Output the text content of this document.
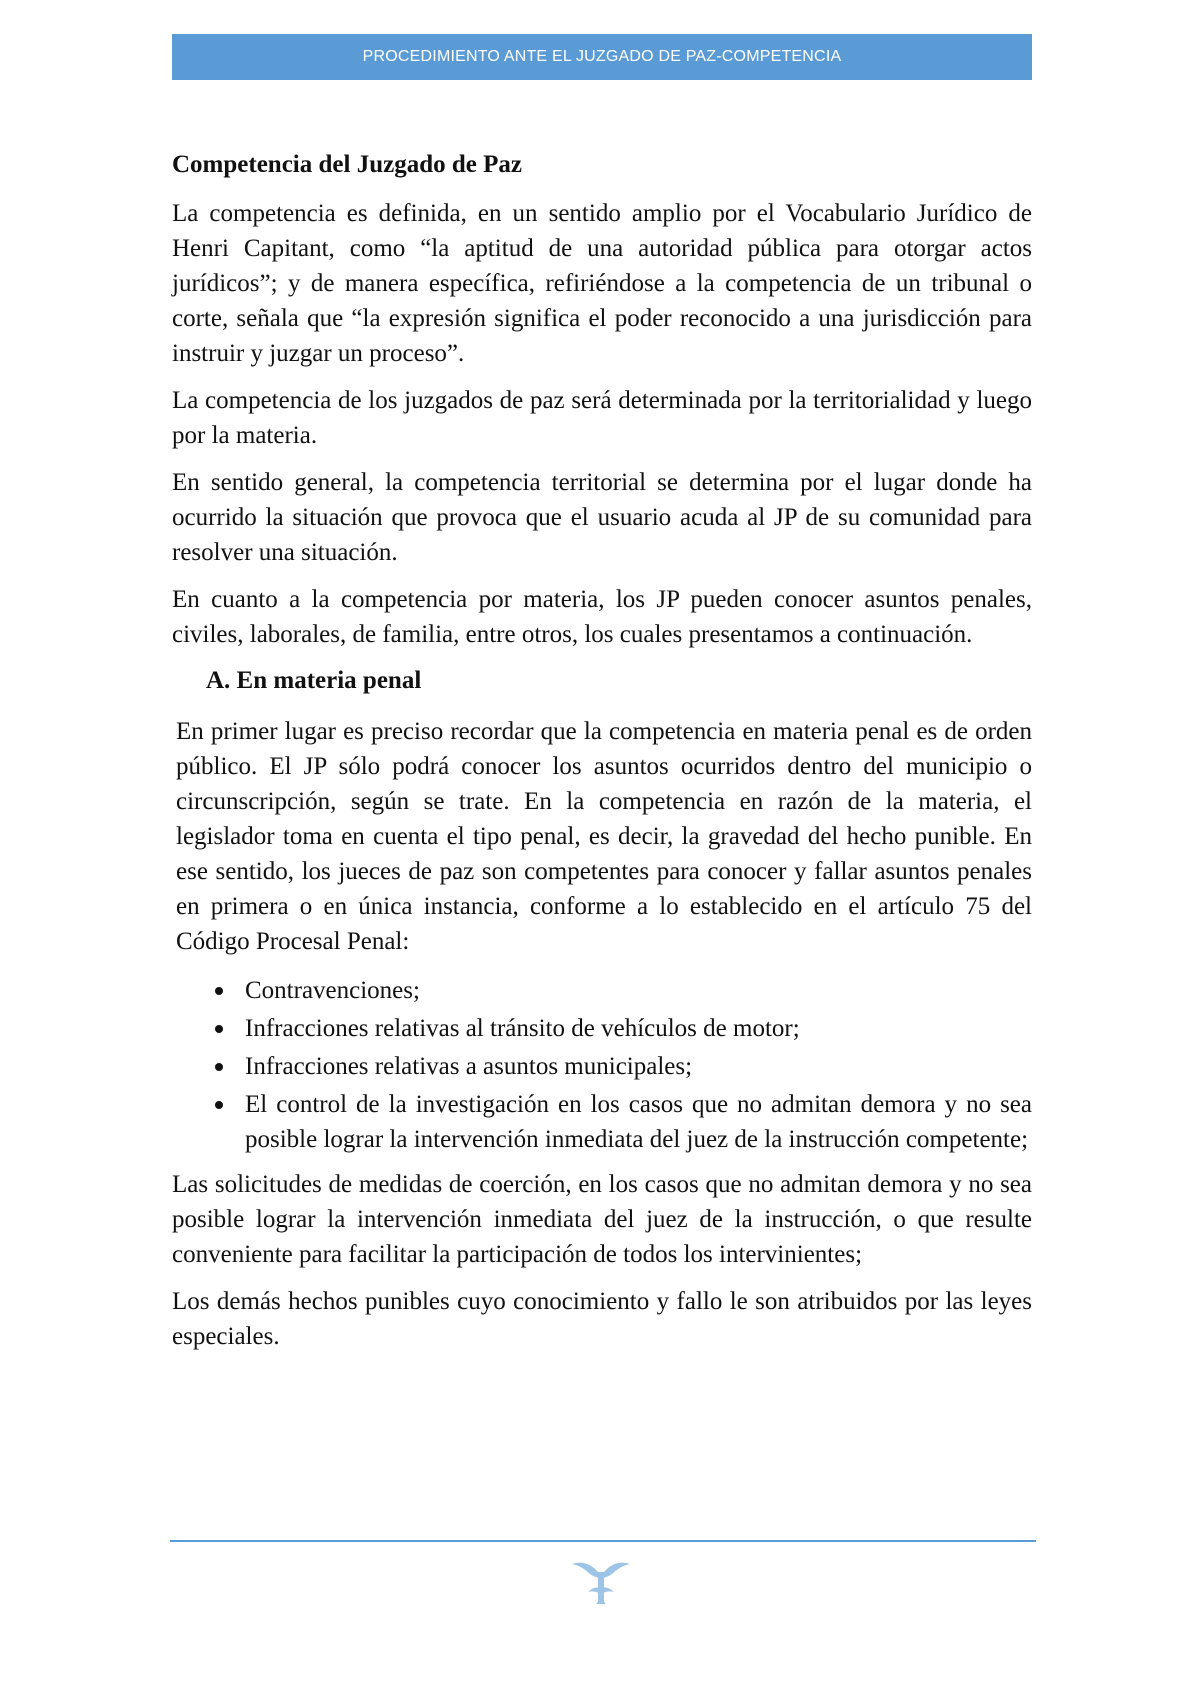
PROCEDIMIENTO ANTE EL JUZGADO DE PAZ-COMPETENCIA
Competencia del Juzgado de Paz

La competencia es definida, en un sentido amplio por el Vocabulario Jurídico de Henri Capitant, como “la aptitud de una autoridad pública para otorgar actos jurídicos”; y de manera específica, refiriéndose a la competencia de un tribunal o corte, señala que “la expresión significa el poder reconocido a una jurisdicción para instruir y juzgar un proceso”.

La competencia de los juzgados de paz será determinada por la territorialidad y luego por la materia.

En sentido general, la competencia territorial se determina por el lugar donde ha ocurrido la situación que provoca que el usuario acuda al JP de su comunidad para resolver una situación.

En cuanto a la competencia por materia, los JP pueden conocer asuntos penales, civiles, laborales, de familia, entre otros, los cuales presentamos a continuación.

A. En materia penal

En primer lugar es preciso recordar que la competencia en materia penal es de orden público. El JP sólo podrá conocer los asuntos ocurridos dentro del municipio o circunscripción, según se trate. En la competencia en razón de la materia, el legislador toma en cuenta el tipo penal, es decir, la gravedad del hecho punible. En ese sentido, los jueces de paz son competentes para conocer y fallar asuntos penales en primera o en única instancia, conforme a lo establecido en el artículo 75 del Código Procesal Penal:

Contravenciones;
Infracciones relativas al tránsito de vehículos de motor;
Infracciones relativas a asuntos municipales;
El control de la investigación en los casos que no admitan demora y no sea posible lograr la intervención inmediata del juez de la instrucción competente;

Las solicitudes de medidas de coerción, en los casos que no admitan demora y no sea posible lograr la intervención inmediata del juez de la instrucción, o que resulte conveniente para facilitar la participación de todos los intervinientes;

Los demás hechos punibles cuyo conocimiento y fallo le son atribuidos por las leyes especiales.
